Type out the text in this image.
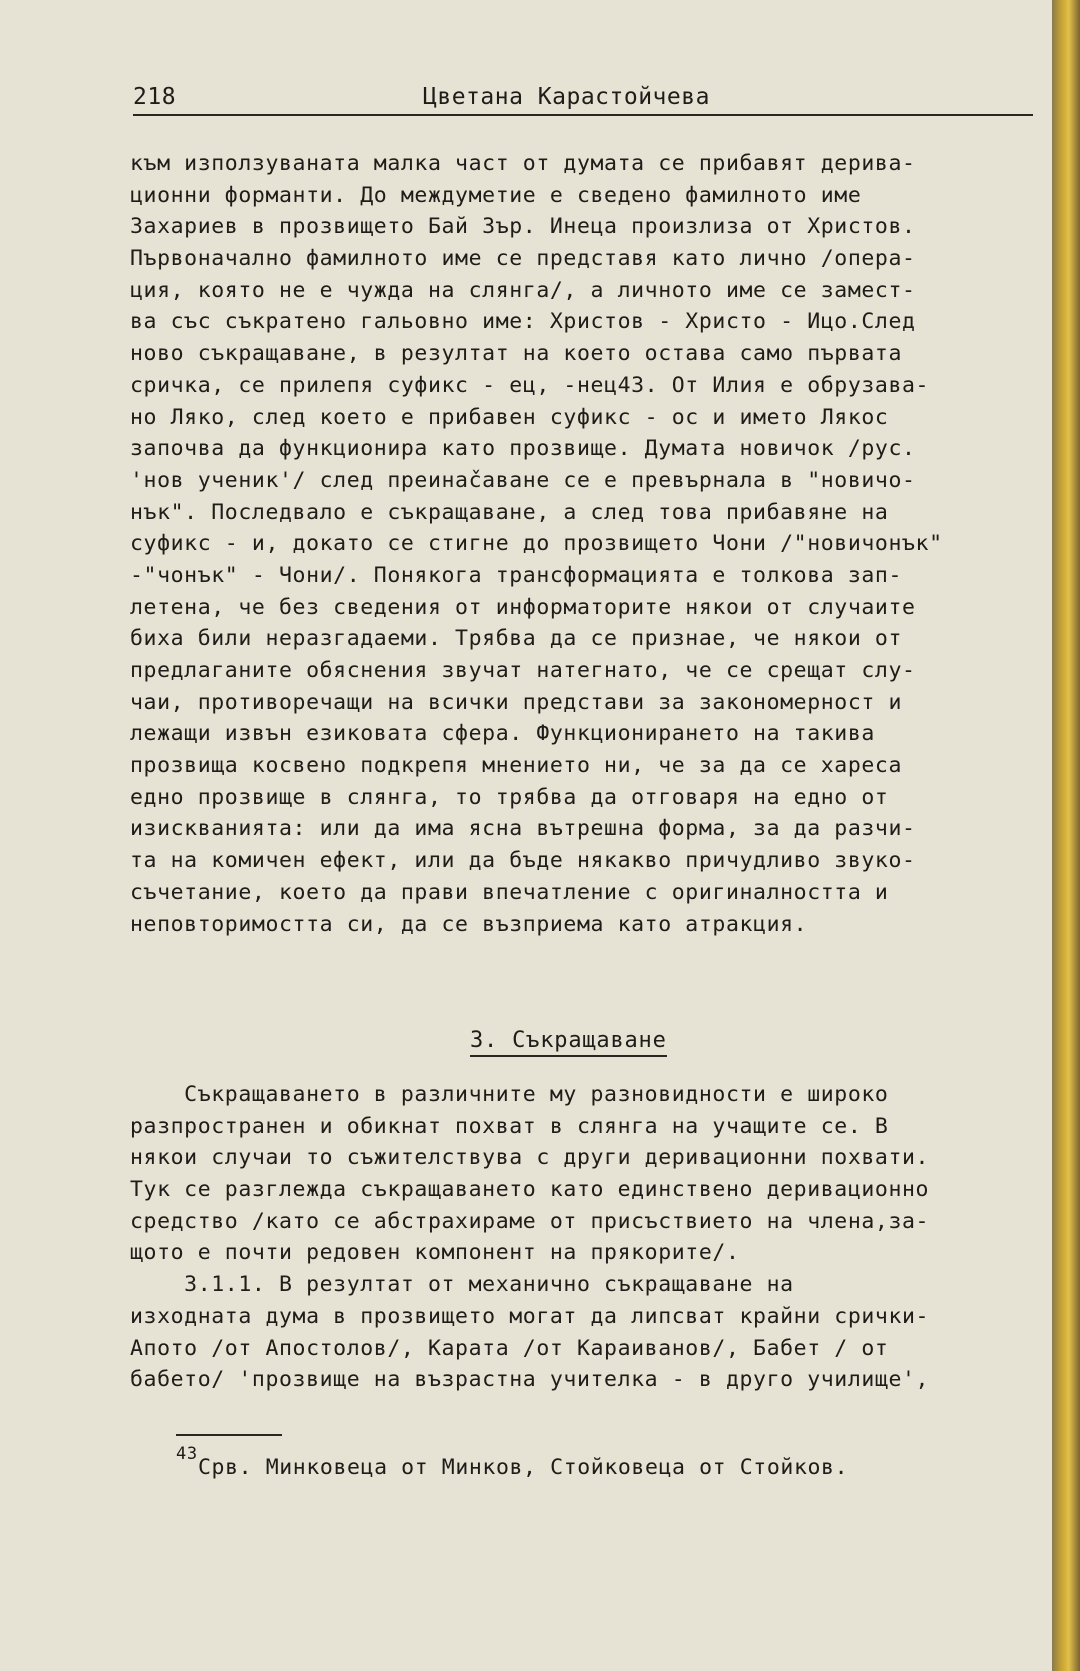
218	Цветана Карастойчева
към използуваната малка част от думата се прибавят дерива-
ционни форманти. До междуметие е сведено фамилното име
Захариев в прозвището Бай Зър. Инеца произлиза от Христов.
Първоначално фамилното име се представя като лично /опера-
ция, която не е чужда на слянга/, а личното име се замест-
ва със съкратено гальовно име: Христов - Христо - Ицо.След
ново съкращаване, в резултат на което остава само първата
сричка, се прилепя суфикс - ец, -нец43. От Илия е обрузава-
но Ляко, след което е прибавен суфикс - ос и името Лякос
започва да функционира като прозвище. Думата новичок /рус.
'нов ученик'/ след преинačаване се е превърнала в "новичо-
нък". Последвало е съкращаване, а след това прибавяне на
суфикс - и, докато се стигне до прозвището Чони /"новичонък"
-"чонък" - Чони/. Понякога трансформацията е толкова зап-
летена, че без сведения от информаторите някои от случаите
биха били неразгадаеми. Трябва да се признае, че някои от
предлаганите обяснения звучат натегнато, че се срещат слу-
чаи, противоречащи на всички представи за закономерност и
лежащи извън езиковата сфера. Функционирането на такива
прозвища косвено подкрепя мнението ни, че за да се хареса
едно прозвище в слянга, то трябва да отговаря на едно от
изискванията: или да има ясна вътрешна форма, за да разчи-
та на комичен ефект, или да бъде някакво причудливо звуко-
съчетание, което да прави впечатление с оригиналността и
неповторимостта си, да се възприема като атракция.
3. Съкращаване
Съкращаването в различните му разновидности е широко
разпространен и обикнат похват в слянга на учащите се. В
някои случаи то съжителствува с други деривационни похвати.
Тук се разглежда съкращаването като единствено деривационно
средство /като се абстрахираме от присъствието на члена,за-
щото е почти редовен компонент на прякорите/.
3.1.1. В резултат от механично съкращаване на
изходната дума в прозвището могат да липсват крайни срички-
Апото /от Апостолов/, Карата /от Караиванов/, Бабет / от
бабето/ 'прозвище на възрастна учителка - в друго училище',
43
Срв. Минковеца от Минков, Стойковеца от Стойков.
